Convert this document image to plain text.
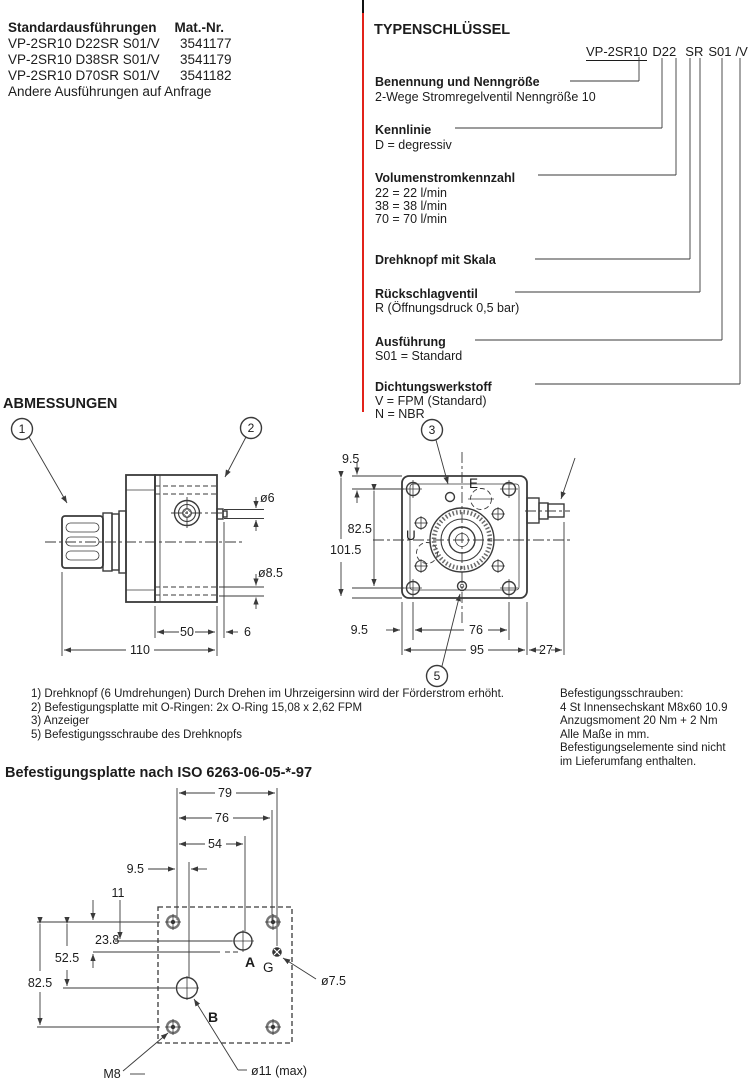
Standardausführungen Mat.-Nr.
VP-2SR10 D22SR S01/V 3541177
VP-2SR10 D38SR S01/V 3541179
VP-2SR10 D70SR S01/V 3541182
Andere Ausführungen auf Anfrage
TYPENSCHLÜSSEL
VP-2SR10 D22 SR S01 /V
Benennung und Nenngröße
2-Wege Stromregelventil Nenngröße 10
Kennlinie
D = degressiv
Volumenstromkennzahl
22 = 22 l/min
38 = 38 l/min
70 = 70 l/min
Drehknopf mit Skala
Rückschlagventil
R (Öffnungsdruck 0,5 bar)
Ausführung
S01 = Standard
Dichtungswerkstoff
V = FPM (Standard)
N = NBR
ABMESSUNGEN
1	2
ø6
ø8.5
50	6
110
3
E
U
9.5
82.5
101.5
9.5	76
95	27
5
1) Drehknopf (6 Umdrehungen) Durch Drehen im Uhrzeigersinn wird der Förderstrom erhöht.
2) Befestigungsplatte mit O-Ringen: 2x O-Ring 15,08 x 2,62 FPM
3) Anzeiger
5) Befestigungsschraube des Drehknopfs
Befestigungsschrauben:
4 St Innensechskant M8x60 10.9
Anzugsmoment 20 Nm + 2 Nm
Alle Maße in mm.
Befestigungselemente sind nicht
im Lieferumfang enthalten.
Befestigungsplatte nach ISO 6263-06-05-*-97
79
76
54
9.5
A G
B
11
23.8
52.5
82.5
M8	ø11 (max)
ø7.5
